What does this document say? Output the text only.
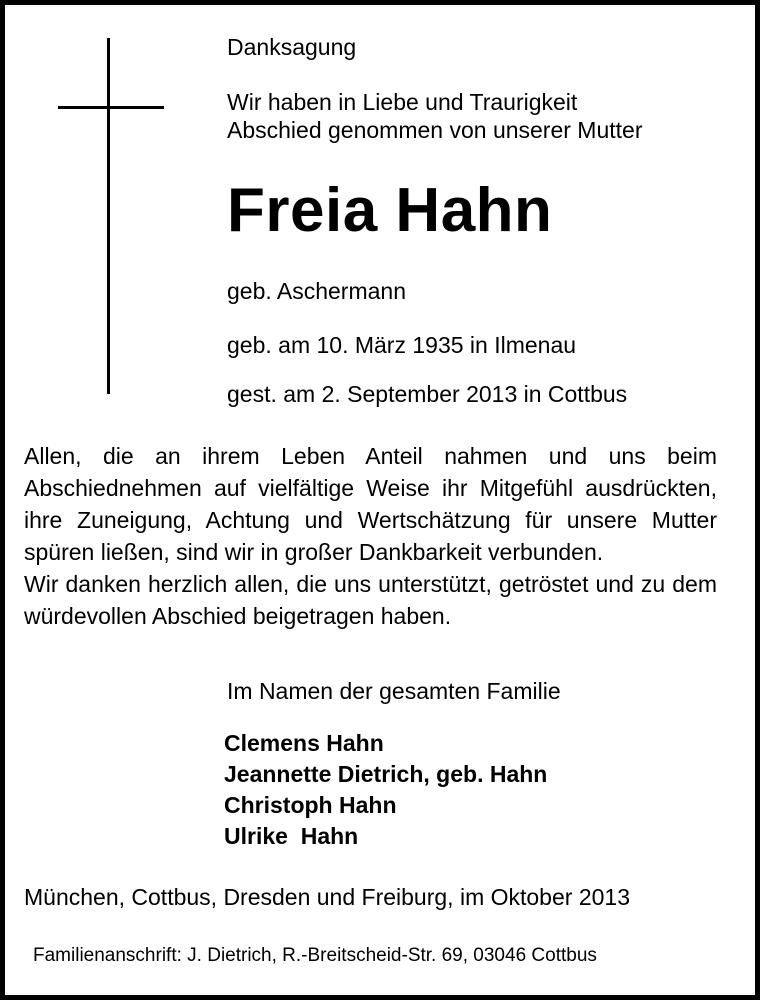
Danksagung
Wir haben in Liebe und Traurigkeit
Abschied genommen von unserer Mutter
Freia Hahn
geb. Aschermann
geb. am 10. März 1935 in Ilmenau
gest. am 2. September 2013 in Cottbus

Allen, die an ihrem Leben Anteil nahmen und uns beim Abschiednehmen auf vielfältige Weise ihr Mitgefühl ausdrückten, ihre Zuneigung, Achtung und Wertschätzung für unsere Mutter spüren ließen, sind wir in großer Dankbarkeit verbunden.

Wir danken herzlich allen, die uns unterstützt, getröstet und zu dem würdevollen Abschied beigetragen haben.

Im Namen der gesamten Familie
Clemens Hahn
Jeannette Dietrich, geb. Hahn
Christoph Hahn
Ulrike  Hahn
München, Cottbus, Dresden und Freiburg, im Oktober 2013
Familienanschrift: J. Dietrich, R.-Breitscheid-Str. 69, 03046 Cottbus
